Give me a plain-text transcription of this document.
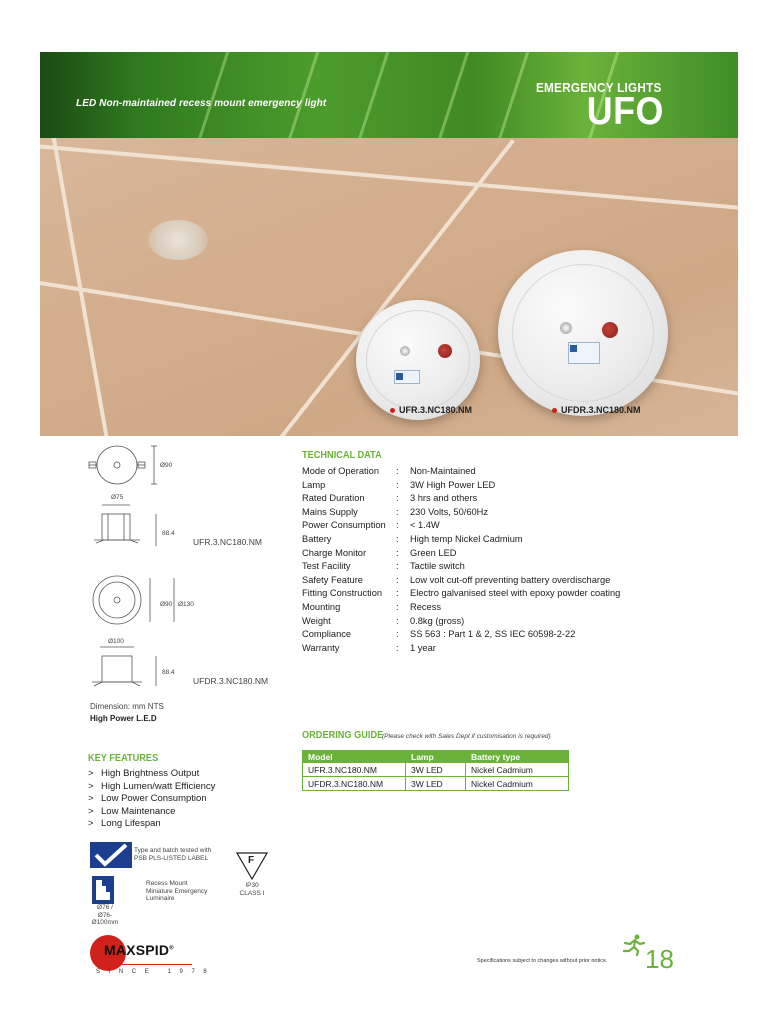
LED Non-maintained recess mount emergency light
EMERGENCY LIGHTS
UFO
UFR.3.NC180.NM	UFDR.3.NC180.NM
Ø90
Ø75
88.4
UFR.3.NC180.NM
Ø90 Ø130
Ø100
88.4
UFDR.3.NC180.NM
Dimension: mm NTS
High Power L.E.D
TECHNICAL DATA
Mode of Operation	:	Non-Maintained
Lamp	:	3W High Power LED
Rated Duration	:	3 hrs and others
Mains Supply	:	230 Volts, 50/60Hz
Power Consumption	:	< 1.4W
Battery	:	High temp Nickel Cadmium
Charge Monitor	:	Green LED
Test Facility	:	Tactile switch
Safety Feature	:	Low volt cut-off preventing battery overdischarge
Fitting Construction	:	Electro galvanised steel with epoxy powder coating
Mounting	:	Recess
Weight	:	0.8kg (gross)
Compliance	:	SS 563 : Part 1 & 2, SS IEC 60598-2-22
Warranty	:	1 year
ORDERING GUIDE
(Please check with Sales Dept if customisation is required)
Model	Lamp	Battery type
UFR.3.NC180.NM	3W LED	Nickel Cadmium
UFDR.3.NC180.NM	3W LED	Nickel Cadmium
KEY FEATURES
> High Brightness Output
> High Lumen/watt Efficiency
> Low Power Consumption
> Low Maintenance
> Long Lifespan
Type and batch tested with
PSB PLS-LISTED LABEL	F
IP30
CLASS I
Recess Mount
Miniature Emergency
Luminaire
Ø76 /
Ø76-Ø100mm
MAXSPID®
SINCE 1978
Specifications subject to changes without prior notice. 18
